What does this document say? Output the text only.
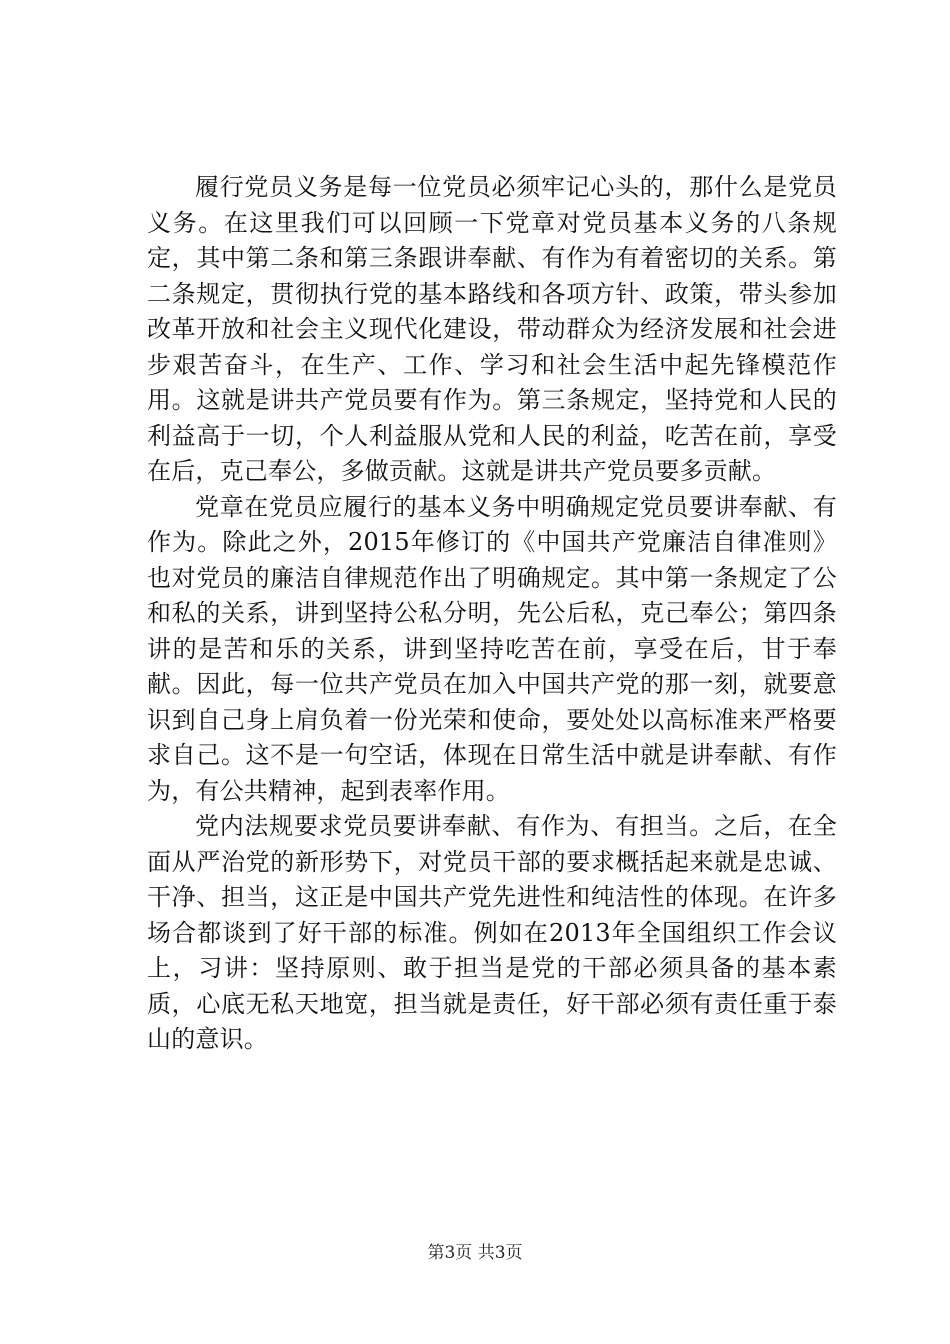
履行党员义务是每一位党员必须牢记心头的，那什么是党员义务。在这里我们可以回顾一下党章对党员基本义务的八条规定，其中第二条和第三条跟讲奉献、有作为有着密切的关系。第二条规定，贯彻执行党的基本路线和各项方针、政策，带头参加改革开放和社会主义现代化建设，带动群众为经济发展和社会进步艰苦奋斗，在生产、工作、学习和社会生活中起先锋模范作用。这就是讲共产党员要有作为。第三条规定，坚持党和人民的利益高于一切，个人利益服从党和人民的利益，吃苦在前，享受在后，克己奉公，多做贡献。这就是讲共产党员要多贡献。

党章在党员应履行的基本义务中明确规定党员要讲奉献、有作为。除此之外，2015年修订的《中国共产党廉洁自律准则》也对党员的廉洁自律规范作出了明确规定。其中第一条规定了公和私的关系，讲到坚持公私分明，先公后私，克己奉公；第四条讲的是苦和乐的关系，讲到坚持吃苦在前，享受在后，甘于奉献。因此，每一位共产党员在加入中国共产党的那一刻，就要意识到自己身上肩负着一份光荣和使命，要处处以高标准来严格要求自己。这不是一句空话，体现在日常生活中就是讲奉献、有作为，有公共精神，起到表率作用。

党内法规要求党员要讲奉献、有作为、有担当。之后，在全面从严治党的新形势下，对党员干部的要求概括起来就是忠诚、干净、担当，这正是中国共产党先进性和纯洁性的体现。在许多场合都谈到了好干部的标准。例如在2013年全国组织工作会议上，习讲：坚持原则、敢于担当是党的干部必须具备的基本素质，心底无私天地宽，担当就是责任，好干部必须有责任重于泰山的意识。

第3页 共3页
